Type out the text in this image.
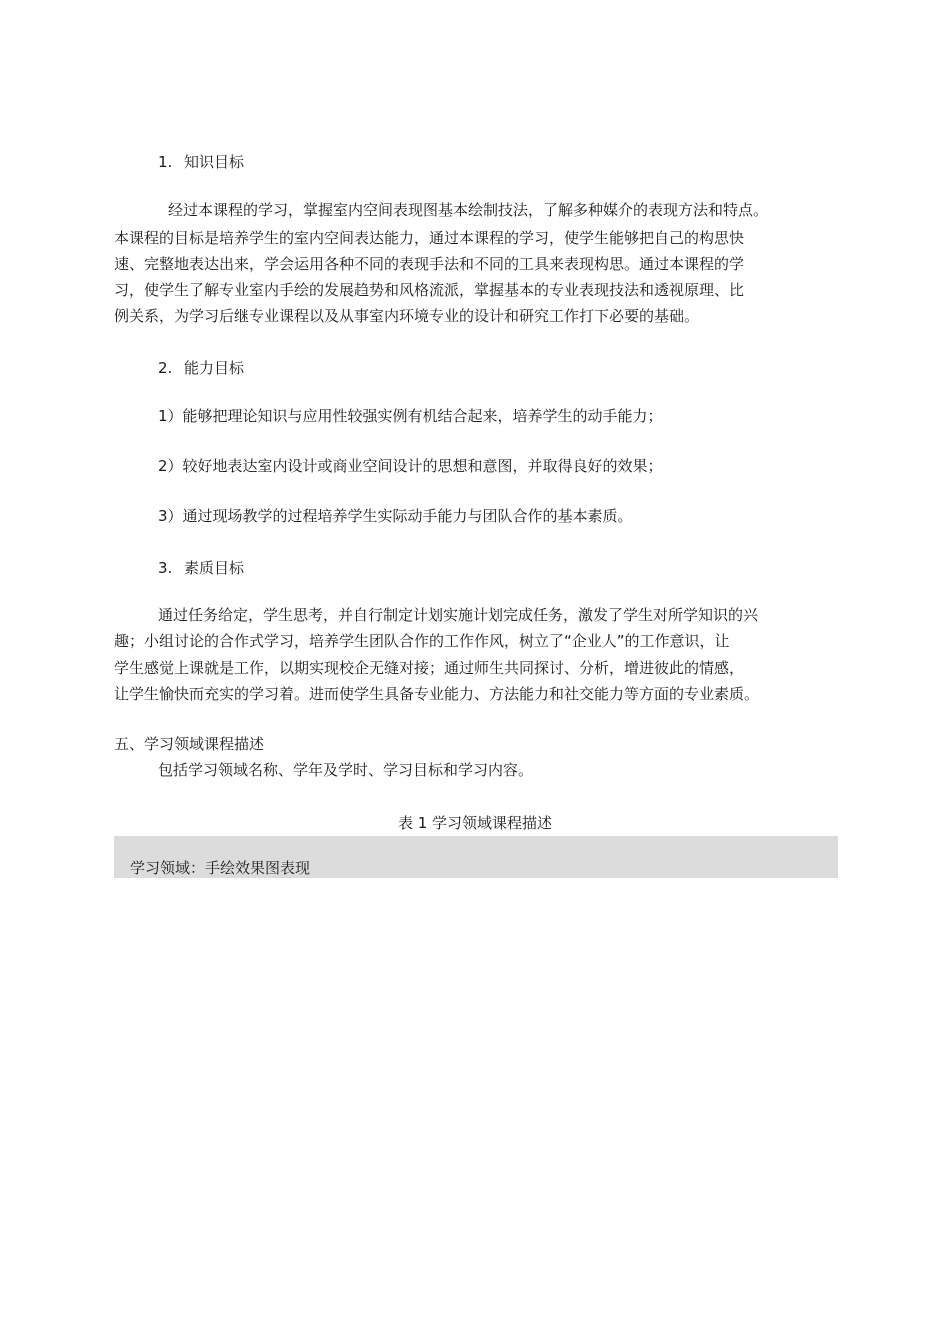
1. 知识目标
经过本课程的学习，掌握室内空间表现图基本绘制技法，了解多种媒介的表现方法和特点。
本课程的目标是培养学生的室内空间表达能力，通过本课程的学习，使学生能够把自己的构思快
速、完整地表达出来，学会运用各种不同的表现手法和不同的工具来表现构思。通过本课程的学
习，使学生了解专业室内手绘的发展趋势和风格流派，掌握基本的专业表现技法和透视原理、比
例关系，为学习后继专业课程以及从事室内环境专业的设计和研究工作打下必要的基础。
2. 能力目标
1）能够把理论知识与应用性较强实例有机结合起来，培养学生的动手能力；
2）较好地表达室内设计或商业空间设计的思想和意图，并取得良好的效果；
3）通过现场教学的过程培养学生实际动手能力与团队合作的基本素质。
3. 素质目标
通过任务给定，学生思考，并自行制定计划实施计划完成任务，激发了学生对所学知识的兴
趣；小组讨论的合作式学习，培养学生团队合作的工作作风，树立了“企业人”的工作意识，让
学生感觉上课就是工作，以期实现校企无缝对接；通过师生共同探讨、分析，增进彼此的情感，
让学生愉快而充实的学习着。进而使学生具备专业能力、方法能力和社交能力等方面的专业素质。
五、学习领域课程描述
包括学习领域名称、学年及学时、学习目标和学习内容。
表 1 学习领域课程描述
学习领域：手绘效果图表现
